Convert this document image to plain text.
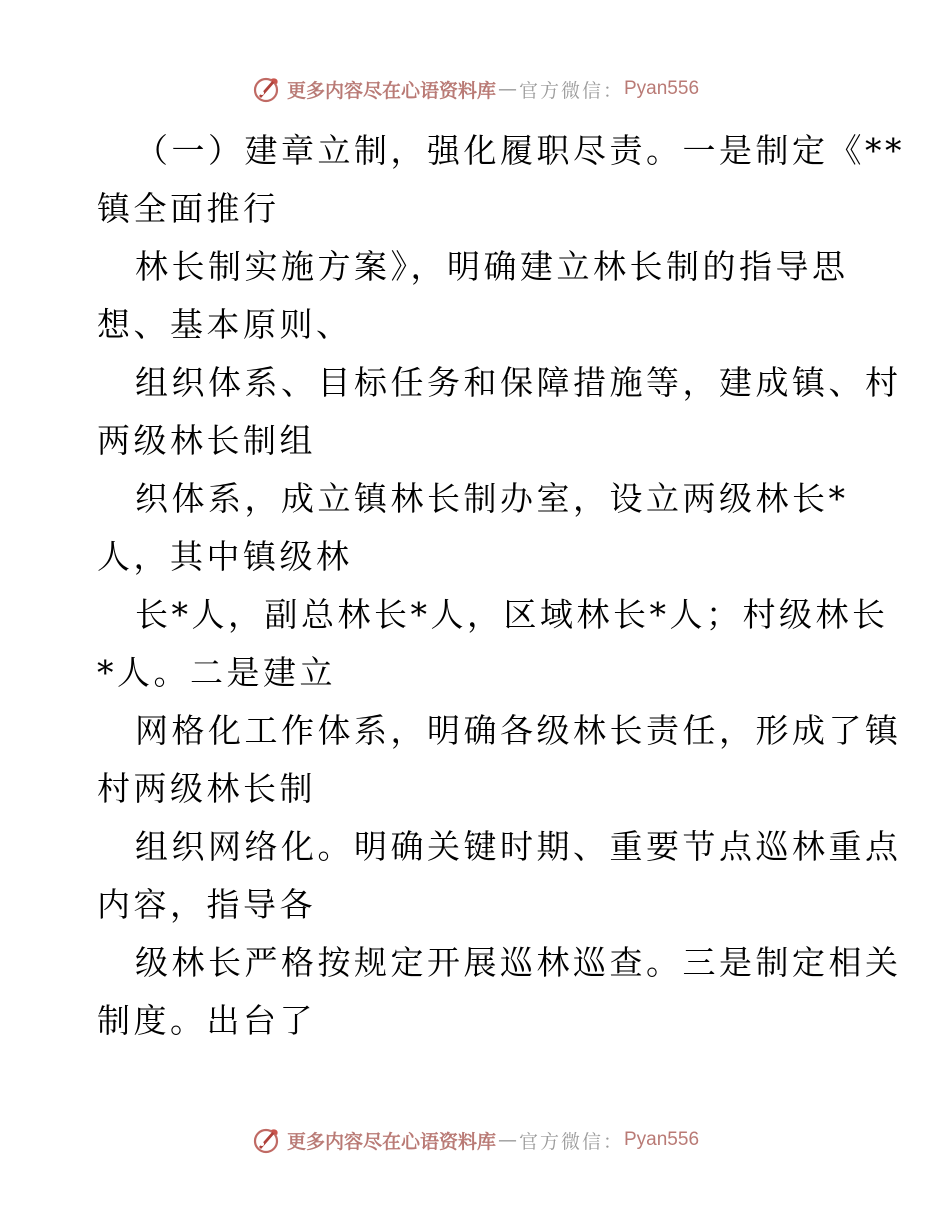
更多内容尽在心语资料库 — 官方微信： Pyan556
（一）建章立制，强化履职尽责。一是制定《**
镇全面推行
林长制实施方案》，明确建立林长制的指导思
想、基本原则、
组织体系、目标任务和保障措施等，建成镇、村
两级林长制组
织体系，成立镇林长制办室，设立两级林长*
人，其中镇级林
长*人，副总林长*人，区域林长*人；村级林长
*人。二是建立
网格化工作体系，明确各级林长责任，形成了镇
村两级林长制
组织网络化。明确关键时期、重要节点巡林重点
内容，指导各
级林长严格按规定开展巡林巡查。三是制定相关
制度。出台了
更多内容尽在心语资料库 — 官方微信： Pyan556
